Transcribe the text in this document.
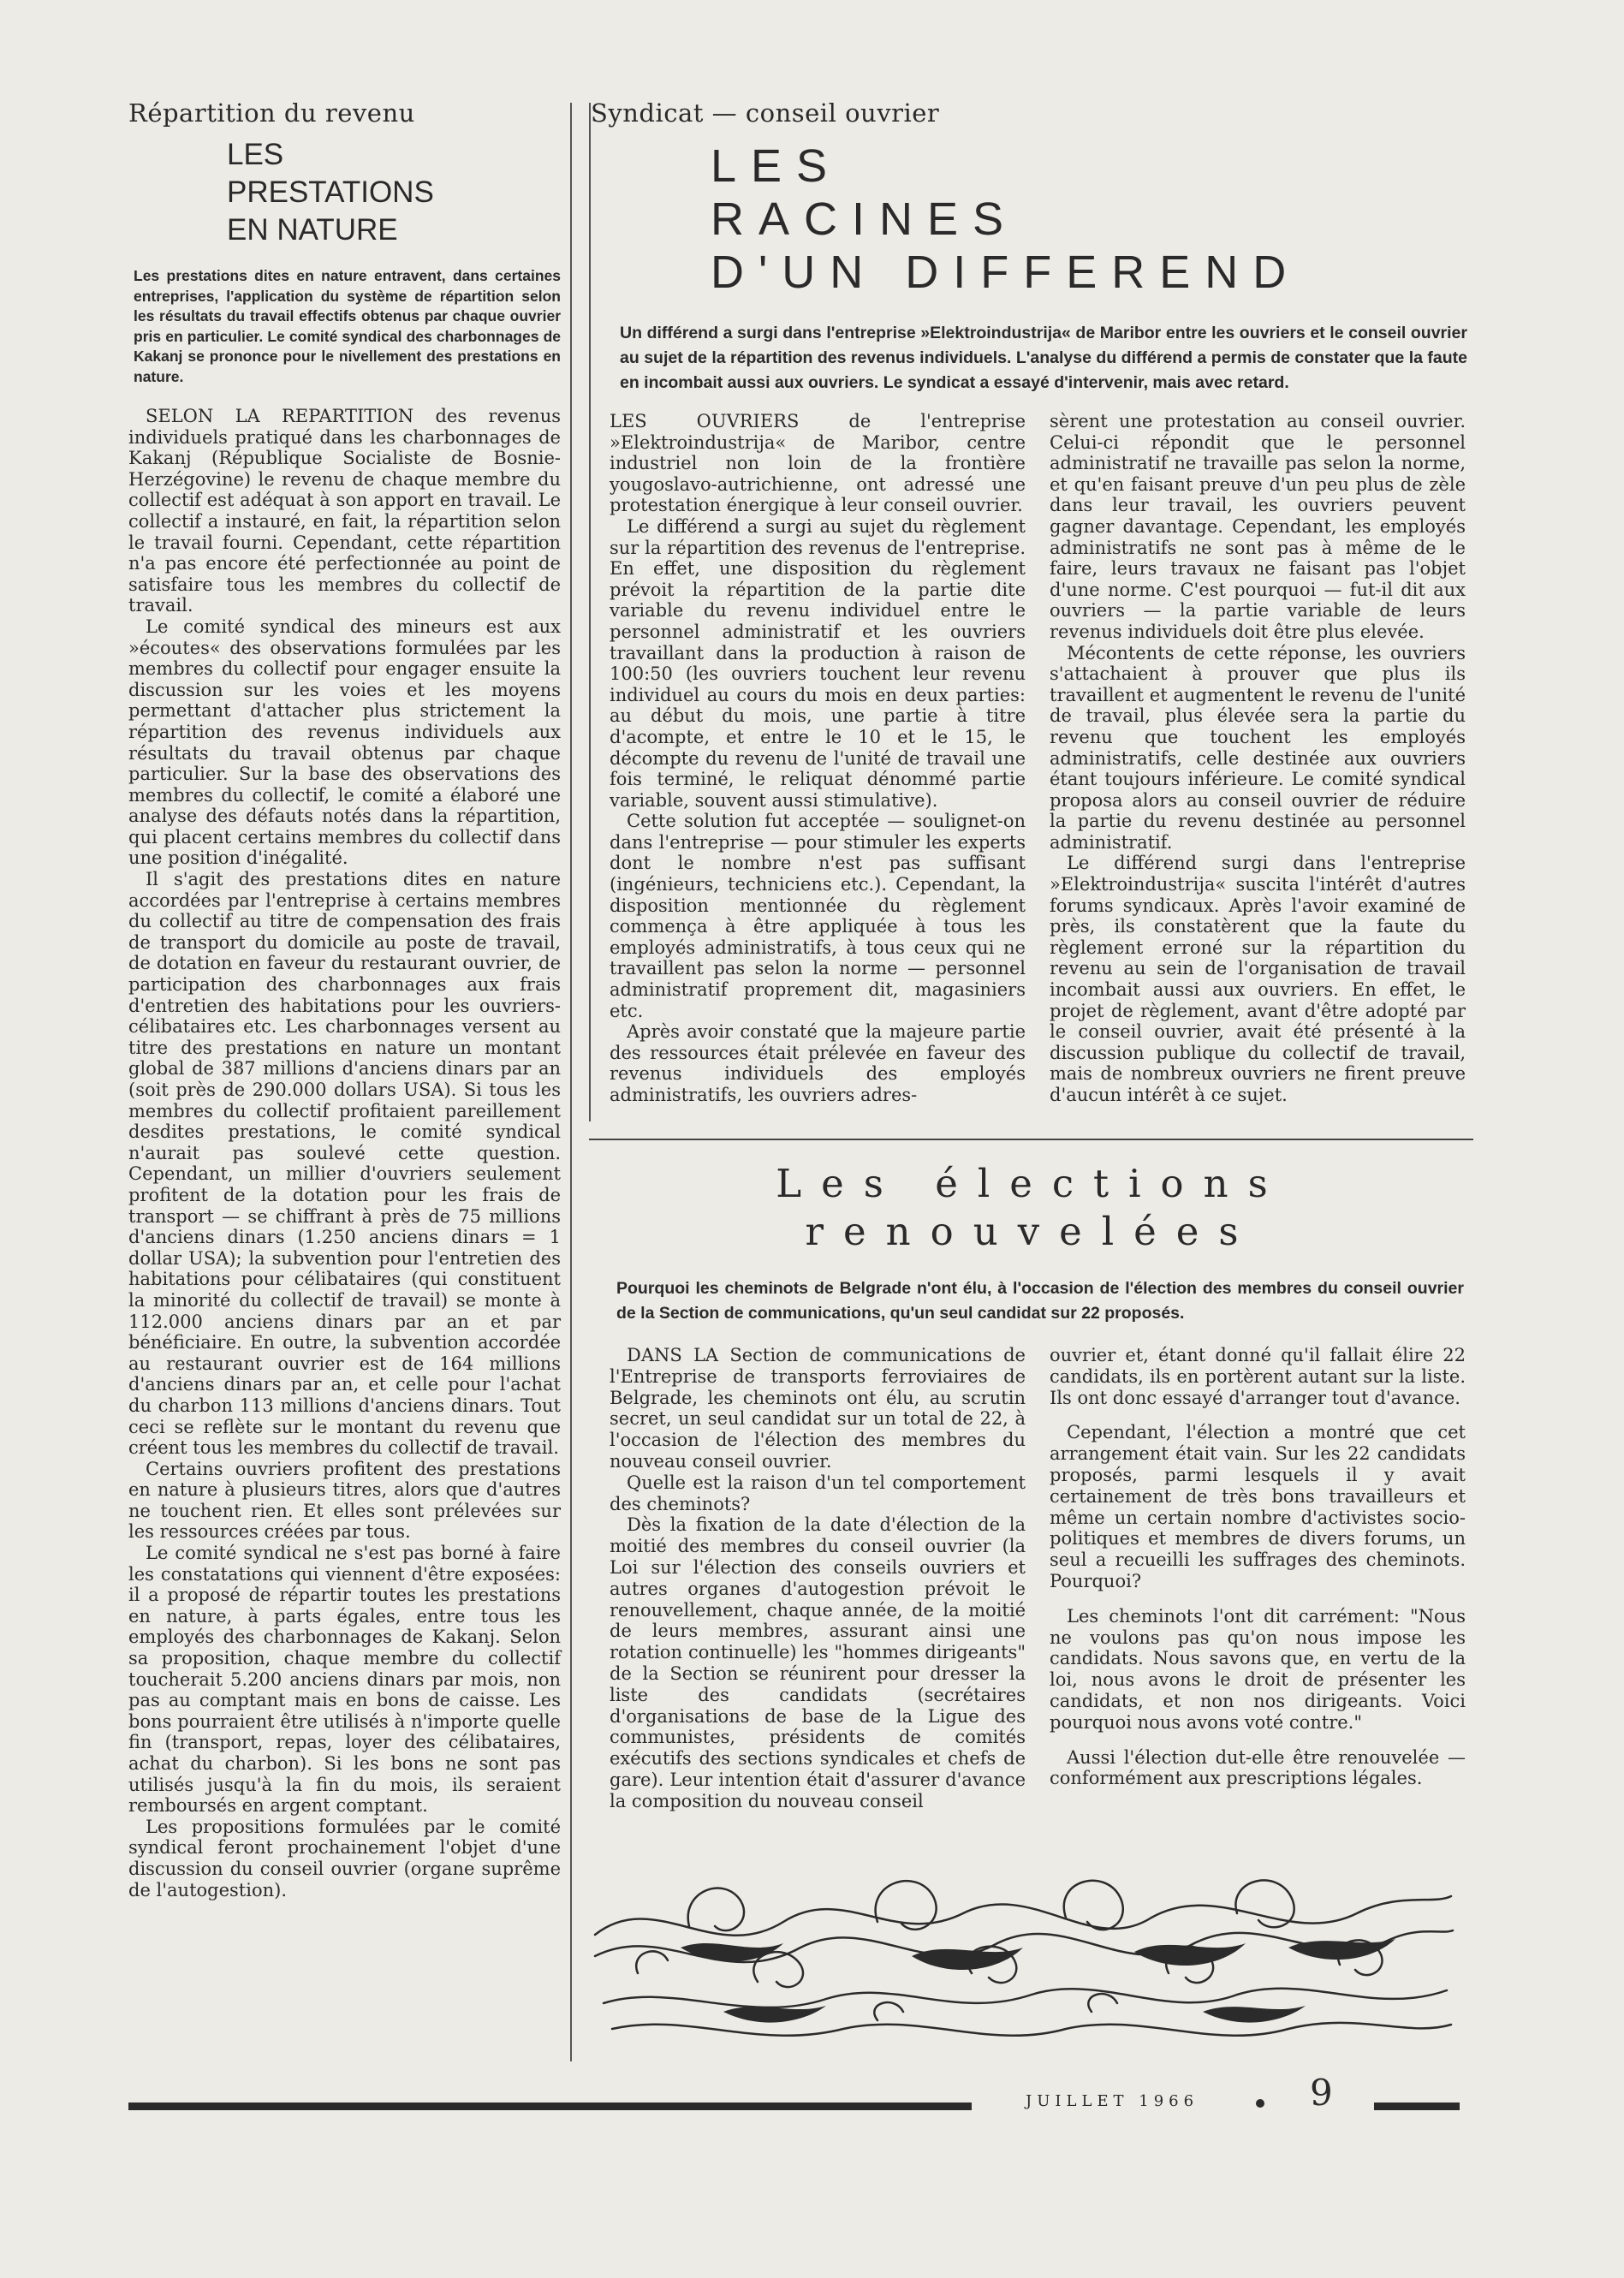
Répartition du revenu
LES
PRESTATIONS
EN NATURE
Les prestations dites en nature entravent, dans certaines entreprises, l'application du système de répartition selon les résultats du travail effectifs obtenus par chaque ouvrier pris en particulier. Le comité syndical des charbonnages de Kakanj se prononce pour le nivellement des prestations en nature.

SELON LA REPARTITION des revenus individuels pratiqué dans les charbonnages de Kakanj (République Socialiste de Bosnie-Herzégovine) le revenu de chaque membre du collectif est adéquat à son apport en travail. Le collectif a instauré, en fait, la répartition selon le travail fourni. Cependant, cette répartition n'a pas encore été perfectionnée au point de satisfaire tous les membres du collectif de travail.

Le comité syndical des mineurs est aux »écoutes« des observations formulées par les membres du collectif pour engager ensuite la discussion sur les voies et les moyens permettant d'attacher plus strictement la répartition des revenus individuels aux résultats du travail obtenus par chaque particulier. Sur la base des observations des membres du collectif, le comité a élaboré une analyse des défauts notés dans la répartition, qui placent certains membres du collectif dans une position d'inégalité.

Il s'agit des prestations dites en nature accordées par l'entreprise à certains membres du collectif au titre de compensation des frais de transport du domicile au poste de travail, de dotation en faveur du restaurant ouvrier, de participation des charbonnages aux frais d'entretien des habitations pour les ouvriers-célibataires etc. Les charbonnages versent au titre des prestations en nature un montant global de 387 millions d'anciens dinars par an (soit près de 290.000 dollars USA). Si tous les membres du collectif profitaient pareillement desdites prestations, le comité syndical n'aurait pas soulevé cette question. Cependant, un millier d'ouvriers seulement profitent de la dotation pour les frais de transport — se chiffrant à près de 75 millions d'anciens dinars (1.250 anciens dinars = 1 dollar USA); la subvention pour l'entretien des habitations pour célibataires (qui constituent la minorité du collectif de travail) se monte à 112.000 anciens dinars par an et par bénéficiaire. En outre, la subvention accordée au restaurant ouvrier est de 164 millions d'anciens dinars par an, et celle pour l'achat du charbon 113 millions d'anciens dinars. Tout ceci se reflète sur le montant du revenu que créent tous les membres du collectif de travail.

Certains ouvriers profitent des prestations en nature à plusieurs titres, alors que d'autres ne touchent rien. Et elles sont prélevées sur les ressources créées par tous.

Le comité syndical ne s'est pas borné à faire les constatations qui viennent d'être exposées: il a proposé de répartir toutes les prestations en nature, à parts égales, entre tous les employés des charbonnages de Kakanj. Selon sa proposition, chaque membre du collectif toucherait 5.200 anciens dinars par mois, non pas au comptant mais en bons de caisse. Les bons pourraient être utilisés à n'importe quelle fin (transport, repas, loyer des célibataires, achat du charbon). Si les bons ne sont pas utilisés jusqu'à la fin du mois, ils seraient remboursés en argent comptant.

Les propositions formulées par le comité syndical feront prochainement l'objet d'une discussion du conseil ouvrier (organe suprême de l'autogestion).

Syndicat — conseil ouvrier
LES
RACINES
D'UN DIFFEREND
Un différend a surgi dans l'entreprise »Elektroindustrija« de Maribor entre les ouvriers et le conseil ouvrier au sujet de la répartition des revenus individuels. L'analyse du différend a permis de constater que la faute en incombait aussi aux ouvriers. Le syndicat a essayé d'intervenir, mais avec retard.

LES OUVRIERS de l'entreprise »Elektroindustrija« de Maribor, centre industriel non loin de la frontière yougoslavo-autrichienne, ont adressé une protestation énergique à leur conseil ouvrier.

Le différend a surgi au sujet du règlement sur la répartition des revenus de l'entreprise. En effet, une disposition du règlement prévoit la répartition de la partie dite variable du revenu individuel entre le personnel administratif et les ouvriers travaillant dans la production à raison de 100:50 (les ouvriers touchent leur revenu individuel au cours du mois en deux parties: au début du mois, une partie à titre d'acompte, et entre le 10 et le 15, le décompte du revenu de l'unité de travail une fois terminé, le reliquat dénommé partie variable, souvent aussi stimulative).

Cette solution fut acceptée — soulignet-on dans l'entreprise — pour stimuler les experts dont le nombre n'est pas suffisant (ingénieurs, techniciens etc.). Cependant, la disposition mentionnée du règlement commença à être appliquée à tous les employés administratifs, à tous ceux qui ne travaillent pas selon la norme — personnel administratif proprement dit, magasiniers etc.

Après avoir constaté que la majeure partie des ressources était prélevée en faveur des revenus individuels des employés administratifs, les ouvriers adres-

sèrent une protestation au conseil ouvrier. Celui-ci répondit que le personnel administratif ne travaille pas selon la norme, et qu'en faisant preuve d'un peu plus de zèle dans leur travail, les ouvriers peuvent gagner davantage. Cependant, les employés administratifs ne sont pas à même de le faire, leurs travaux ne faisant pas l'objet d'une norme. C'est pourquoi — fut-il dit aux ouvriers — la partie variable de leurs revenus individuels doit être plus elevée.

Mécontents de cette réponse, les ouvriers s'attachaient à prouver que plus ils travaillent et augmentent le revenu de l'unité de travail, plus élevée sera la partie du revenu que touchent les employés administratifs, celle destinée aux ouvriers étant toujours inférieure. Le comité syndical proposa alors au conseil ouvrier de réduire la partie du revenu destinée au personnel administratif.

Le différend surgi dans l'entreprise »Elektroindustrija« suscita l'intérêt d'autres forums syndicaux. Après l'avoir examiné de près, ils constatèrent que la faute du règlement erroné sur la répartition du revenu au sein de l'organisation de travail incombait aussi aux ouvriers. En effet, le projet de règlement, avant d'être adopté par le conseil ouvrier, avait été présenté à la discussion publique du collectif de travail, mais de nombreux ouvriers ne firent preuve d'aucun intérêt à ce sujet.

Les élections
renouvelées
Pourquoi les cheminots de Belgrade n'ont élu, à l'occasion de l'élection des membres du conseil ouvrier de la Section de communications, qu'un seul candidat sur 22 proposés.

DANS LA Section de communications de l'Entreprise de transports ferroviaires de Belgrade, les cheminots ont élu, au scrutin secret, un seul candidat sur un total de 22, à l'occasion de l'élection des membres du nouveau conseil ouvrier.

Quelle est la raison d'un tel comportement des cheminots?

Dès la fixation de la date d'élection de la moitié des membres du conseil ouvrier (la Loi sur l'élection des conseils ouvriers et autres organes d'autogestion prévoit le renouvellement, chaque année, de la moitié de leurs membres, assurant ainsi une rotation continuelle) les "hommes dirigeants" de la Section se réunirent pour dresser la liste des candidats (secrétaires d'organisations de base de la Ligue des communistes, présidents de comités exécutifs des sections syndicales et chefs de gare). Leur intention était d'assurer d'avance la composition du nouveau conseil

ouvrier et, étant donné qu'il fallait élire 22 candidats, ils en portèrent autant sur la liste. Ils ont donc essayé d'arranger tout d'avance.

Cependant, l'élection a montré que cet arrangement était vain. Sur les 22 candidats proposés, parmi lesquels il y avait certainement de très bons travailleurs et même un certain nombre d'activistes socio-politiques et membres de divers forums, un seul a recueilli les suffrages des cheminots. Pourquoi?

Les cheminots l'ont dit carrément: "Nous ne voulons pas qu'on nous impose les candidats. Nous savons que, en vertu de la loi, nous avons le droit de présenter les candidats, et non nos dirigeants. Voici pourquoi nous avons voté contre."

Aussi l'élection dut-elle être renouvelée — conformément aux prescriptions légales.

JUILLET 1966	9
